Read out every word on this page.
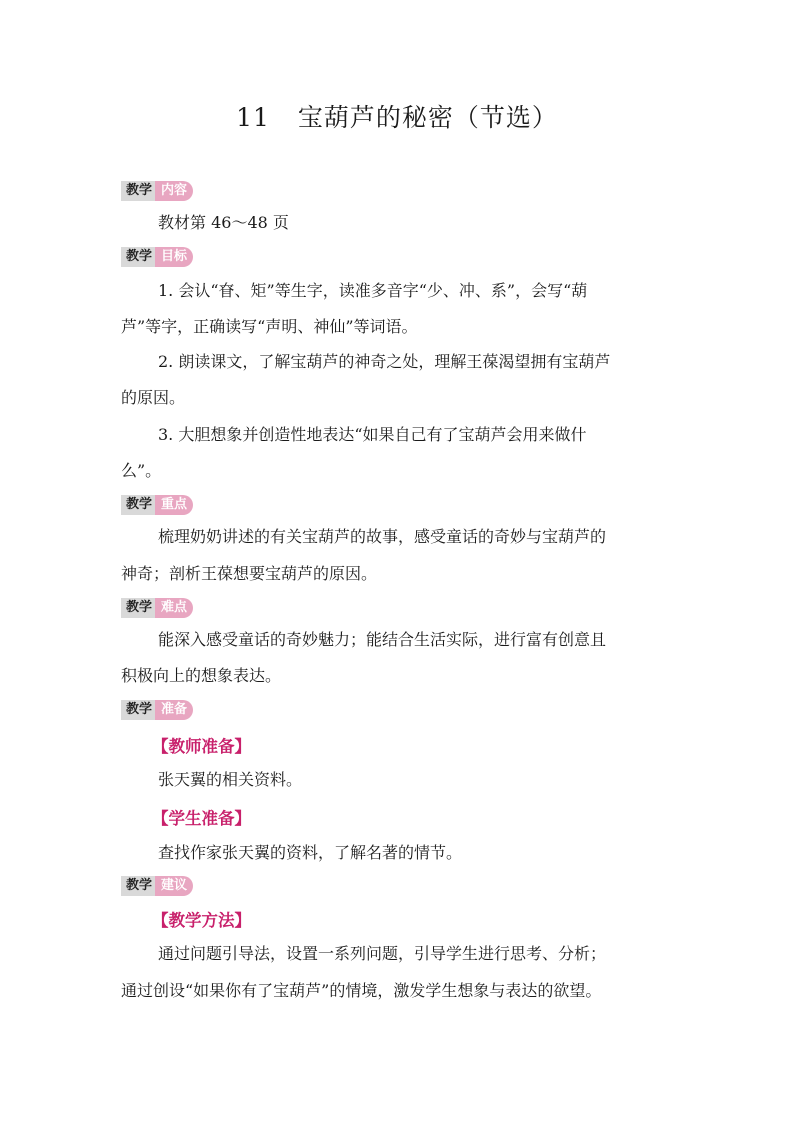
11 宝葫芦的秘密（节选）
教学 内容
教材第 46～48 页
教学 目标
1. 会认“眘、矩”等生字，读准多音字“少、冲、系”，会写“葫
芦”等字，正确读写“声明、神仙”等词语。
2. 朗读课文，了解宝葫芦的神奇之处，理解王葆渴望拥有宝葫芦
的原因。
3. 大胆想象并创造性地表达“如果自己有了宝葫芦会用来做什
么”。
教学 重点
梳理奶奶讲述的有关宝葫芦的故事，感受童话的奇妙与宝葫芦的
神奇；剖析王葆想要宝葫芦的原因。
教学 难点
能深入感受童话的奇妙魅力；能结合生活实际，进行富有创意且
积极向上的想象表达。
教学 准备
【教师准备】
张天翼的相关资料。
【学生准备】
查找作家张天翼的资料，了解名著的情节。
教学 建议
【教学方法】
通过问题引导法，设置一系列问题，引导学生进行思考、分析；
通过创设“如果你有了宝葫芦”的情境，激发学生想象与表达的欲望。
